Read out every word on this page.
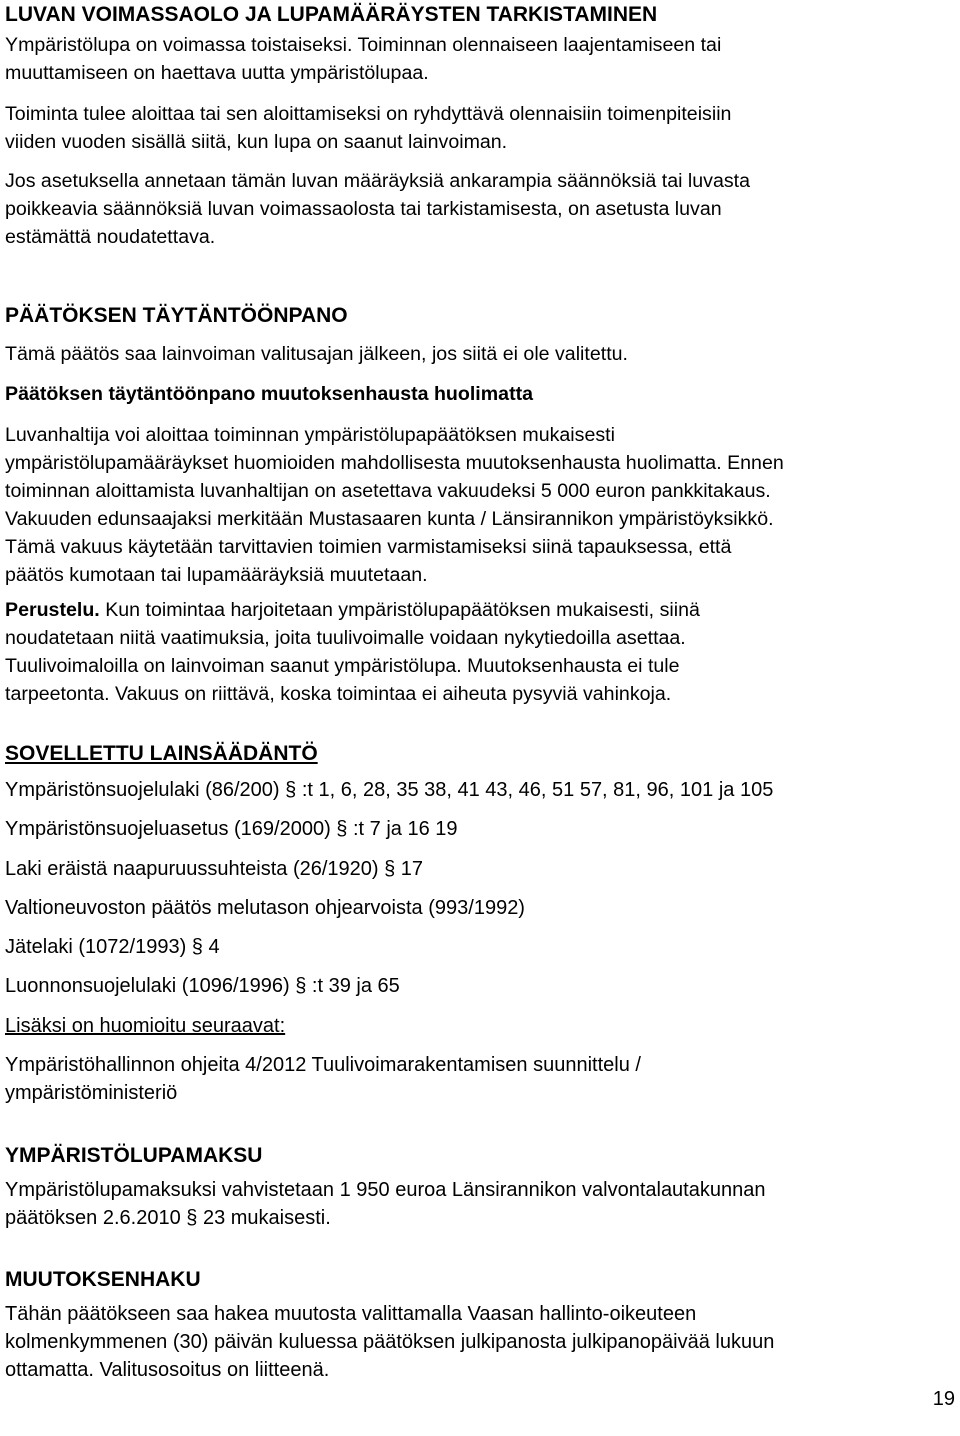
LUVAN VOIMASSAOLO JA LUPAMÄÄRÄYSTEN TARKISTAMINEN
Ympäristölupa on voimassa toistaiseksi. Toiminnan olennaiseen laajentamiseen tai
muuttamiseen on haettava uutta ympäristölupaa.
Toiminta tulee aloittaa tai sen aloittamiseksi on ryhdyttävä olennaisiin toimenpiteisiin
viiden vuoden sisällä siitä, kun lupa on saanut lainvoiman.
Jos asetuksella annetaan tämän luvan määräyksiä ankarampia säännöksiä tai luvasta
poikkeavia säännöksiä luvan voimassaolosta tai tarkistamisesta, on asetusta luvan
estämättä noudatettava.
PÄÄTÖKSEN TÄYTÄNTÖÖNPANO
Tämä päätös saa lainvoiman valitusajan jälkeen, jos siitä ei ole valitettu.
Päätöksen täytäntöönpano muutoksenhausta huolimatta
Luvanhaltija voi aloittaa toiminnan ympäristölupapäätöksen mukaisesti
ympäristölupamääräykset huomioiden mahdollisesta muutoksenhausta huolimatta. Ennen
toiminnan aloittamista luvanhaltijan on asetettava vakuudeksi 5 000 euron pankkitakaus.
Vakuuden edunsaajaksi merkitään Mustasaaren kunta / Länsirannikon ympäristöyksikkö.
Tämä vakuus käytetään tarvittavien toimien varmistamiseksi siinä tapauksessa, että
päätös kumotaan tai lupamääräyksiä muutetaan.
Perustelu. Kun toimintaa harjoitetaan ympäristölupapäätöksen mukaisesti, siinä
noudatetaan niitä vaatimuksia, joita tuulivoimalle voidaan nykytiedoilla asettaa.
Tuulivoimaloilla on lainvoiman saanut ympäristölupa. Muutoksenhausta ei tule
tarpeetonta. Vakuus on riittävä, koska toimintaa ei aiheuta pysyviä vahinkoja.
SOVELLETTU LAINSÄÄDÄNTÖ
Ympäristönsuojelulaki (86/200) § :t 1, 6, 28, 35 38, 41 43, 46, 51 57, 81, 96, 101 ja 105
Ympäristönsuojeluasetus (169/2000) § :t 7 ja 16 19
Laki eräistä naapuruussuhteista (26/1920) § 17
Valtioneuvoston päätös melutason ohjearvoista (993/1992)
Jätelaki (1072/1993) § 4
Luonnonsuojelulaki (1096/1996) § :t 39 ja 65
Lisäksi on huomioitu seuraavat:
Ympäristöhallinnon ohjeita 4/2012 Tuulivoimarakentamisen suunnittelu /
ympäristöministeriö
YMPÄRISTÖLUPAMAKSU
Ympäristölupamaksuksi vahvistetaan 1 950 euroa Länsirannikon valvontalautakunnan
päätöksen 2.6.2010 § 23 mukaisesti.
MUUTOKSENHAKU
Tähän päätökseen saa hakea muutosta valittamalla Vaasan hallinto-oikeuteen
kolmenkymmenen (30) päivän kuluessa päätöksen julkipanosta julkipanopäivää lukuun
ottamatta. Valitusosoitus on liitteenä.
19
